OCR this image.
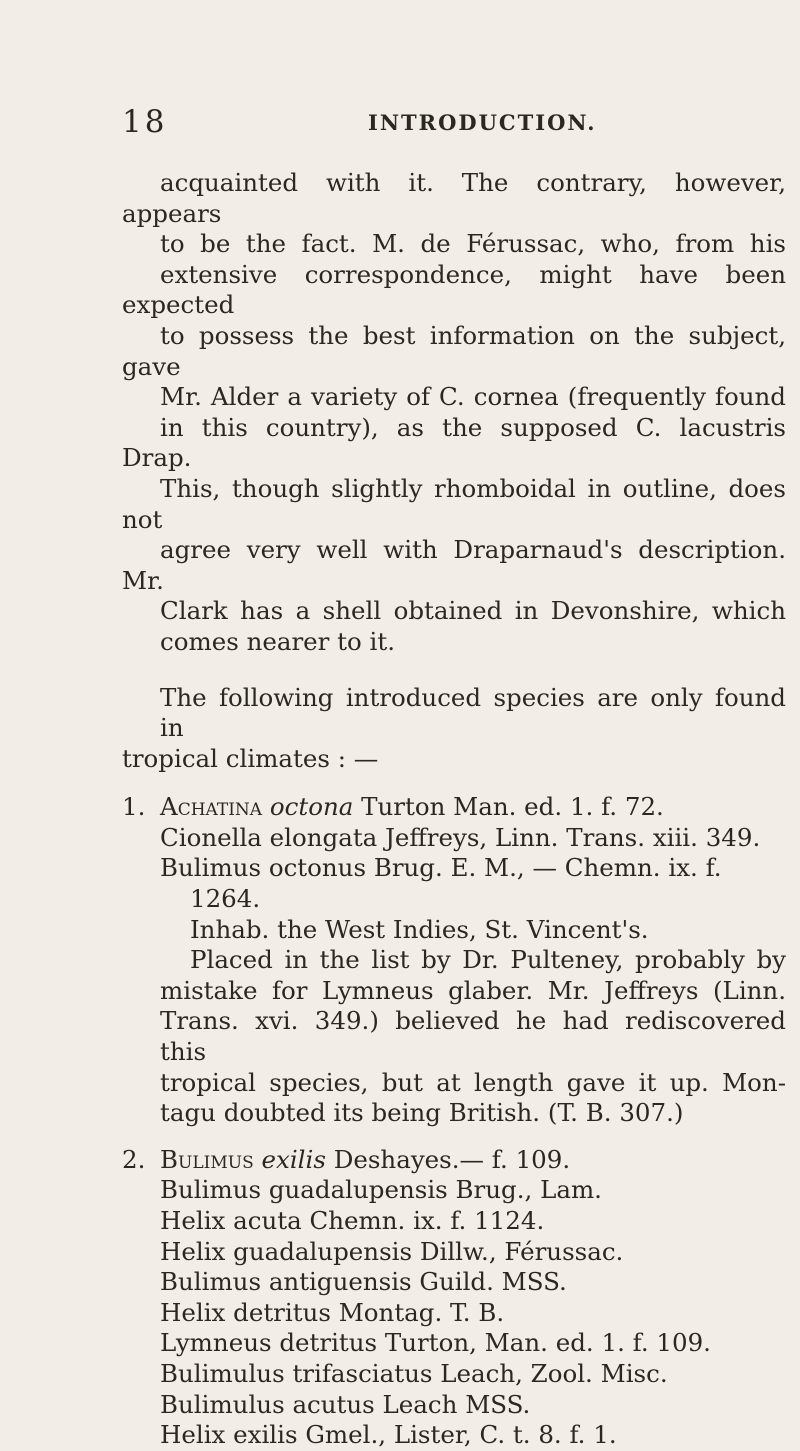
18	INTRODUCTION.

acquainted with it. The contrary, however, appears
to be the fact. M. de Férussac, who, from his
extensive correspondence, might have been expected
to possess the best information on the subject, gave
Mr. Alder a variety of C. cornea (frequently found
in this country), as the supposed C. lacustris Drap.
This, though slightly rhomboidal in outline, does not
agree very well with Draparnaud's description. Mr.
Clark has a shell obtained in Devonshire, which
comes nearer to it.

The following introduced species are only found in
tropical climates : —

1. Achatina octona Turton Man. ed. 1. f. 72.
Cionella elongata Jeffreys, Linn. Trans. xiii. 349.
Bulimus octonus Brug. E. M., — Chemn. ix. f.
1264.
Inhab. the West Indies, St. Vincent's.

Placed in the list by Dr. Pulteney, probably by
mistake for Lymneus glaber. Mr. Jeffreys (Linn.
Trans. xvi. 349.) believed he had rediscovered this
tropical species, but at length gave it up. Mon-
tagu doubted its being British. (T. B. 307.)

2. Bulimus exilis Deshayes.— f. 109.
Bulimus guadalupensis Brug., Lam.
Helix acuta Chemn. ix. f. 1124.
Helix guadalupensis Dillw., Férussac.
Bulimus antiguensis Guild. MSS.
Helix detritus Montag. T. B.
Lymneus detritus Turton, Man. ed. 1. f. 109.
Bulimulus trifasciatus Leach, Zool. Misc.
Bulimulus acutus Leach MSS.
Helix exilis Gmel., Lister, C. t. 8. f. 1.
